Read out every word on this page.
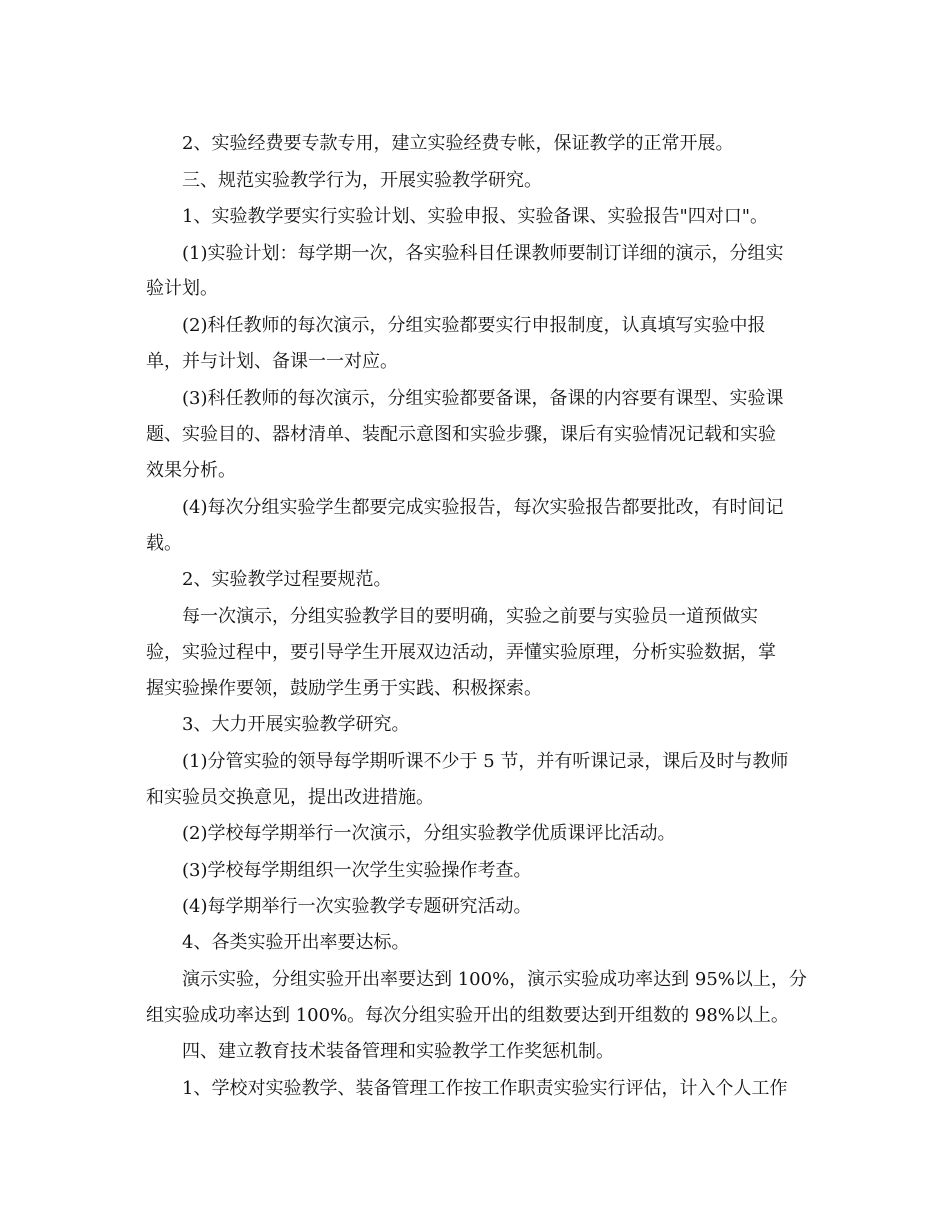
2、实验经费要专款专用，建立实验经费专帐，保证教学的正常开展。
三、规范实验教学行为，开展实验教学研究。
1、实验教学要实行实验计划、实验申报、实验备课、实验报告"四对口"。
(1)实验计划：每学期一次，各实验科目任课教师要制订详细的演示，分组实
验计划。
(2)科任教师的每次演示，分组实验都要实行申报制度，认真填写实验中报
单，并与计划、备课一一对应。
(3)科任教师的每次演示，分组实验都要备课，备课的内容要有课型、实验课
题、实验目的、器材清单、装配示意图和实验步骤，课后有实验情况记载和实验
效果分析。
(4)每次分组实验学生都要完成实验报告，每次实验报告都要批改，有时间记
载。
2、实验教学过程要规范。
每一次演示，分组实验教学目的要明确，实验之前要与实验员一道预做实
验，实验过程中，要引导学生开展双边活动，弄懂实验原理，分析实验数据，掌
握实验操作要领，鼓励学生勇于实践、积极探索。
3、大力开展实验教学研究。
(1)分管实验的领导每学期听课不少于 5 节，并有听课记录，课后及时与教师
和实验员交换意见，提出改进措施。
(2)学校每学期举行一次演示，分组实验教学优质课评比活动。
(3)学校每学期组织一次学生实验操作考查。
(4)每学期举行一次实验教学专题研究活动。
4、各类实验开出率要达标。
演示实验，分组实验开出率要达到 100%，演示实验成功率达到 95%以上，分
组实验成功率达到 100%。每次分组实验开出的组数要达到开组数的 98%以上。
四、建立教育技术装备管理和实验教学工作奖惩机制。
1、学校对实验教学、装备管理工作按工作职责实验实行评估，计入个人工作
